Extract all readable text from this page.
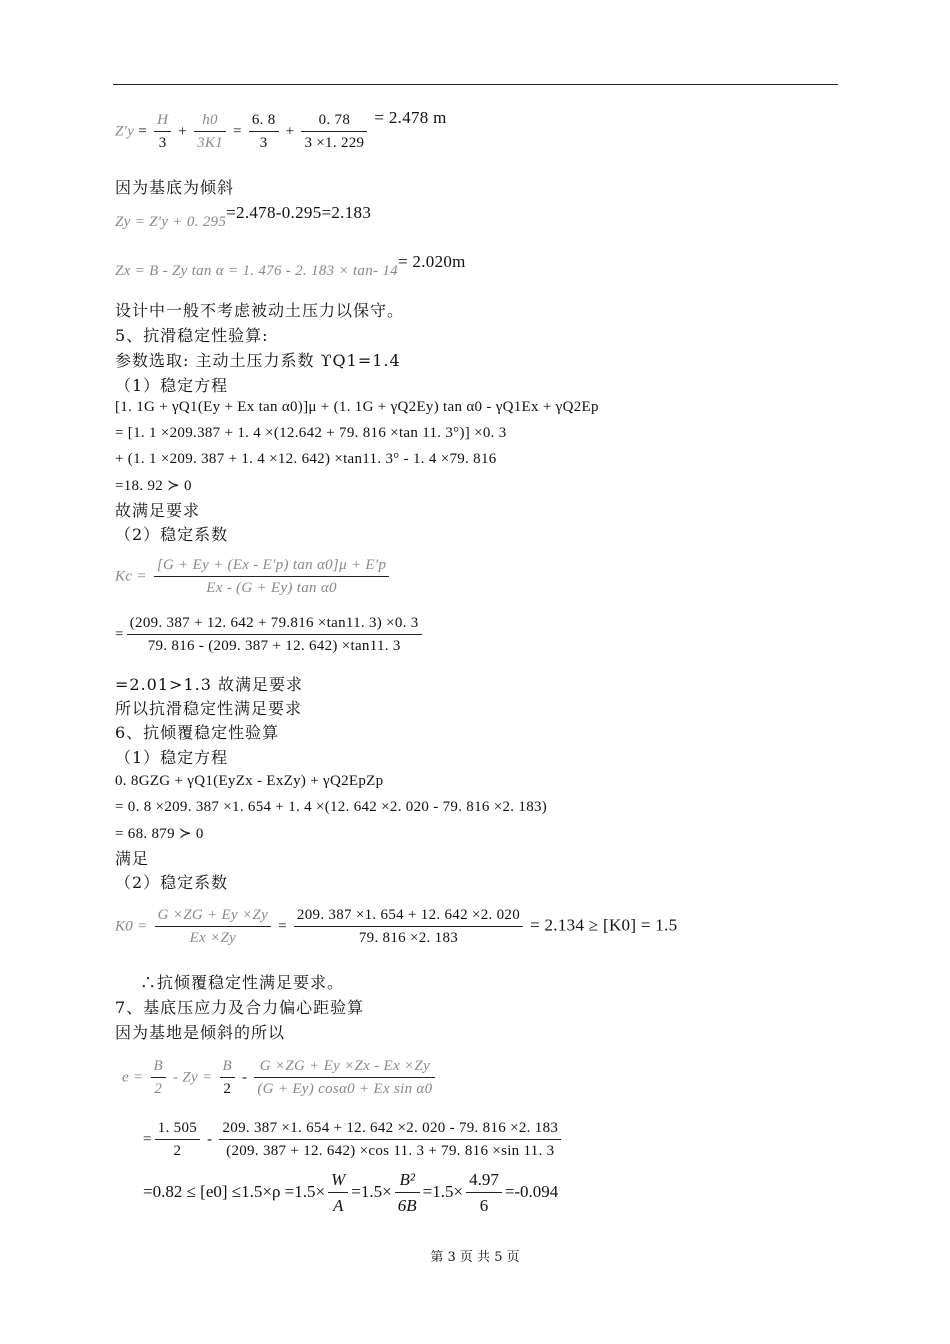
$Z'y = \frac{H}{3} + \frac{h0}{3K1} = \frac{6. 8}{3} + \frac{0. 78}{3 \times 1. 229} = 2.478$ m
因为基底为倾斜
Zy = Z′y + 0. 295=2.478-0.295=2.183
Zx = B - Zy tan α = 1. 476 - 2. 183 × tan- 14= 2.020m
设计中一般不考虑被动土压力以保守。
5、抗滑稳定性验算:
参数选取: 主动土压力系数 ϒQ1=1.4
（1）稳定方程
[1. 1G + γQ1(Ey + Ex tan α0)]μ + (1. 1G + γQ2Ey) tan α0 - γQ1Ex + γQ2Ep
= [1. 1 ×209.387 + 1. 4 ×(12.642 + 79. 816 ×tan 11. 3°)] ×0. 3
+ (1. 1 ×209. 387 + 1. 4 ×12. 642) ×tan11. 3° - 1. 4 ×79. 816
=18. 92 ≻ 0
故满足要求
（2）稳定系数
$Kc = \frac{\text{[G + Ey + (Ex - E′p) tan α0]μ + E′p}}{\text{Ex - (G + Ey) tan α0}}$
= $\frac{(209. 387 + 12. 642 + 79.816 \times\tan 11. 3) \times 0. 3}{79. 816 - (209. 387 + 12. 642) \times\tan 11. 3}$
=2.01>1.3 故满足要求
所以抗滑稳定性满足要求
6、抗倾覆稳定性验算
（1）稳定方程
0. 8GZG + γQ1(EyZx - ExZy) + γQ2EpZp
= 0. 8 ×209. 387 ×1. 654 + 1. 4 ×(12. 642 ×2. 020 - 79. 816 ×2. 183)
= 68. 879 ≻ 0
满足
（2）稳定系数
$K0 = \frac{G \times ZG + Ey \times Zy}{Ex \times Zy} = \frac{209. 387 \times 1. 654 + 12. 642 \times 2. 020}{79. 816 \times 2. 183} = 2.134 \ge [K0] = 1.5$
∴抗倾覆稳定性满足要求。
7、基底压应力及合力偏心距验算
因为基地是倾斜的所以
$e = \frac{B}{2} - Zy = \frac{B}{2} - \frac{G \times ZG + Ey \times Zx - Ex \times Zy}{\text{(G + Ey) cosα0 + Ex sin α0}}$
= $\frac{1. 505}{2} - \frac{209. 387 \times 1. 654 + 12. 642 \times 2. 020 - 79. 816 \times 2. 183}{(209. 387 + 12. 642) \times\cos 11. 3 + 79. 816 \times\sin 11. 3}$
$=0.82 \le [e0] \le 1.5\times\rho =1.5\times \frac{W}{A} =1.5\times \frac{\text{B²}}{6B} =1.5\times \frac{4.97}{6} =-0.094$
第 3 页 共 5 页
